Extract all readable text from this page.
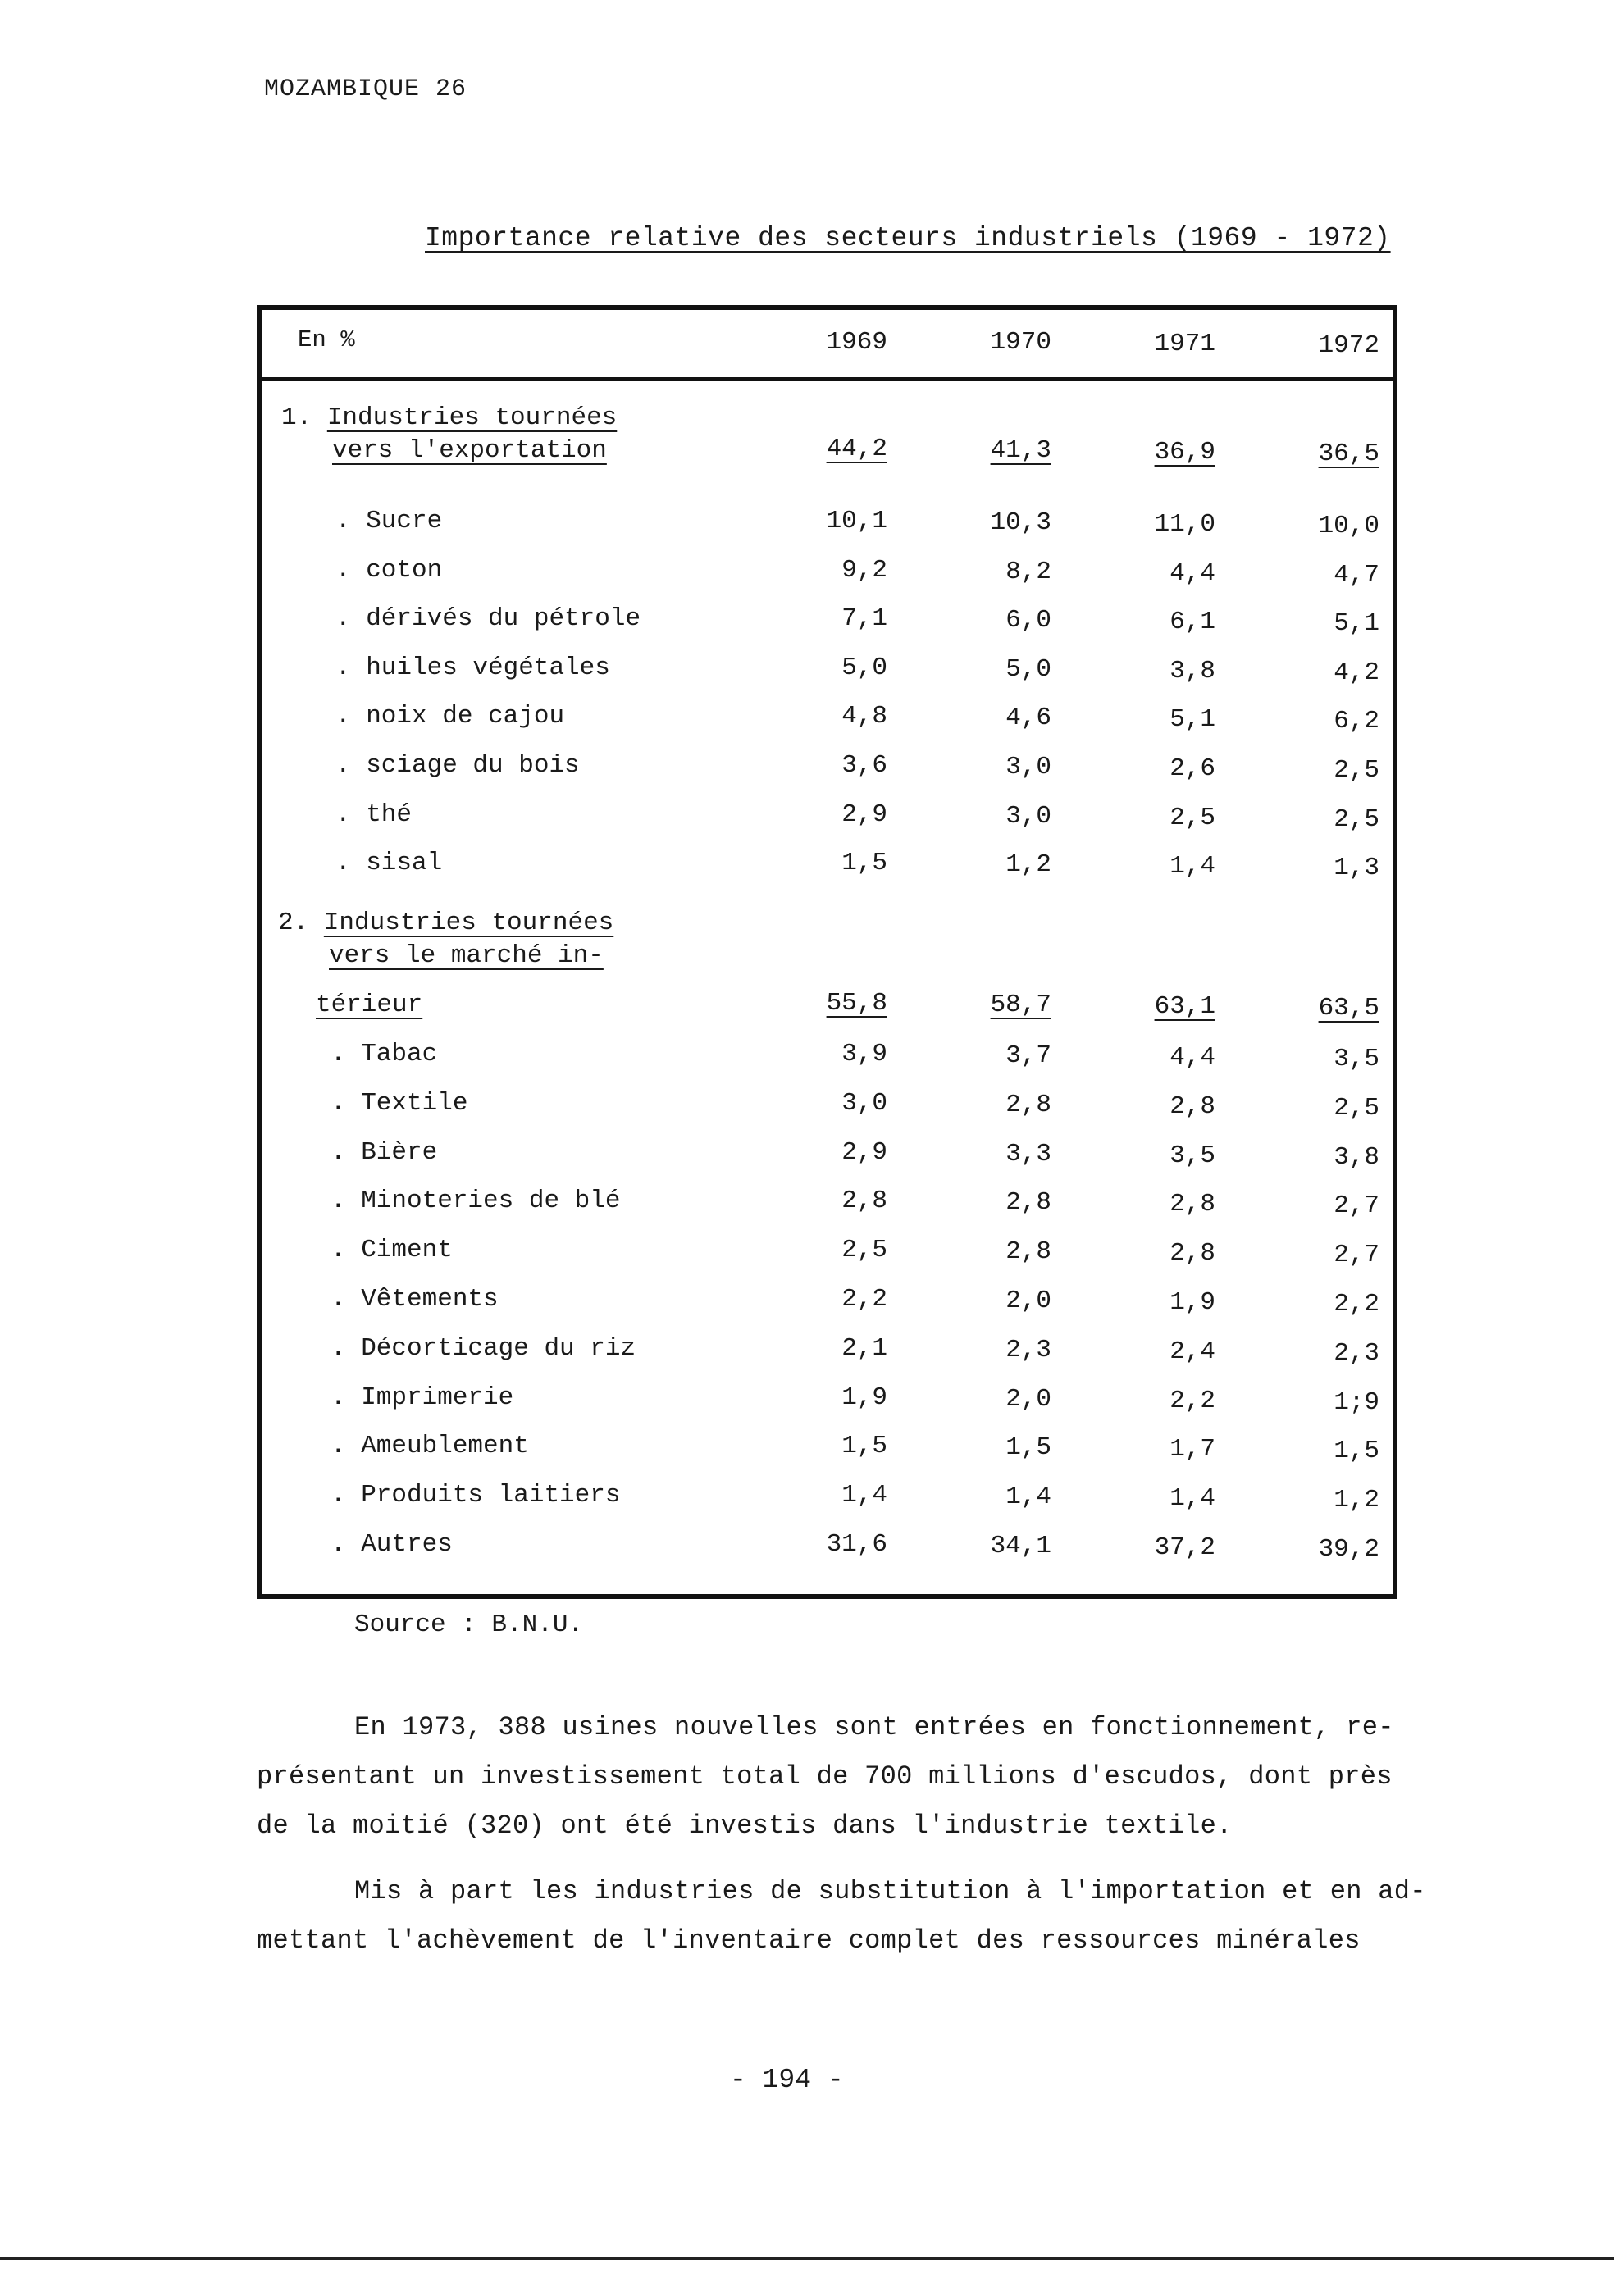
MOZAMBIQUE 26
Importance relative des secteurs industriels (1969 - 1972)
En %	1969	1970	1971	1972
1. Industries tournées
vers l'exportation	44,2	41,3	36,9	36,5
. Sucre	10,1	10,3	11,0	10,0
. coton	9,2	8,2	4,4	4,7
. dérivés du pétrole	7,1	6,0	6,1	5,1
. huiles végétales	5,0	5,0	3,8	4,2
. noix de cajou	4,8	4,6	5,1	6,2
. sciage du bois	3,6	3,0	2,6	2,5
. thé	2,9	3,0	2,5	2,5
. sisal	1,5	1,2	1,4	1,3
2. Industries tournées
vers le marché in-
térieur	55,8	58,7	63,1	63,5
. Tabac	3,9	3,7	4,4	3,5
. Textile	3,0	2,8	2,8	2,5
. Bière	2,9	3,3	3,5	3,8
. Minoteries de blé	2,8	2,8	2,8	2,7
. Ciment	2,5	2,8	2,8	2,7
. Vêtements	2,2	2,0	1,9	2,2
. Décorticage du riz	2,1	2,3	2,4	2,3
. Imprimerie	1,9	2,0	2,2	1;9
. Ameublement	1,5	1,5	1,7	1,5
. Produits laitiers	1,4	1,4	1,4	1,2
. Autres	31,6	34,1	37,2	39,2
Source : B.N.U.
En 1973, 388 usines nouvelles sont entrées en fonctionnement, re-
présentant un investissement total de 700 millions d'escudos, dont près
de la moitié (320) ont été investis dans l'industrie textile.
Mis à part les industries de substitution à l'importation et en ad-
mettant l'achèvement de l'inventaire complet des ressources minérales
- 194 -
